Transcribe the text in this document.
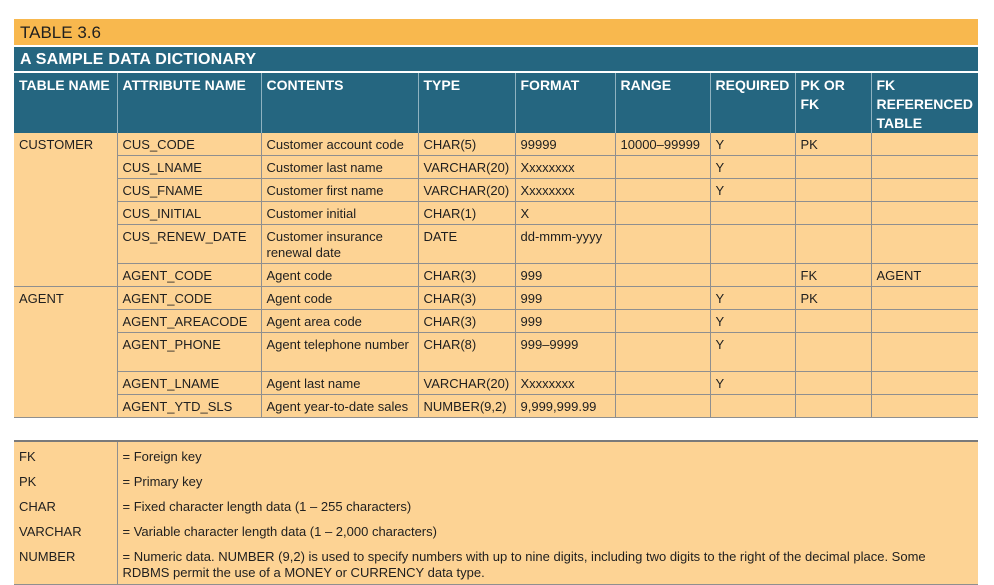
TABLE 3.6
A SAMPLE DATA DICTIONARY
TABLE NAME	ATTRIBUTE NAME	CONTENTS	TYPE	FORMAT	RANGE	REQUIRED	PK OR FK	FK REFERENCED TABLE
CUSTOMER	CUS_CODE	Customer account code	CHAR(5)	99999	10000–99999	Y	PK	
	CUS_LNAME	Customer last name	VARCHAR(20)	Xxxxxxxx		Y		
	CUS_FNAME	Customer first name	VARCHAR(20)	Xxxxxxxx		Y		
	CUS_INITIAL	Customer initial	CHAR(1)	X				
	CUS_RENEW_DATE	Customer insurance renewal date	DATE	dd-mmm-yyyy				
	AGENT_CODE	Agent code	CHAR(3)	999			FK	AGENT
AGENT	AGENT_CODE	Agent code	CHAR(3)	999		Y	PK	
	AGENT_AREACODE	Agent area code	CHAR(3)	999		Y		
	AGENT_PHONE	Agent telephone number	CHAR(8)	999–9999		Y		
	AGENT_LNAME	Agent last name	VARCHAR(20)	Xxxxxxxx		Y		
	AGENT_YTD_SLS	Agent year-to-date sales	NUMBER(9,2)	9,999,999.99				
FK	= Foreign key
PK	= Primary key
CHAR	= Fixed character length data (1 – 255 characters)
VARCHAR	= Variable character length data (1 – 2,000 characters)
NUMBER	= Numeric data. NUMBER (9,2) is used to specify numbers with up to nine digits, including two digits to the right of the decimal place. Some RDBMS permit the use of a MONEY or CURRENCY data type.
